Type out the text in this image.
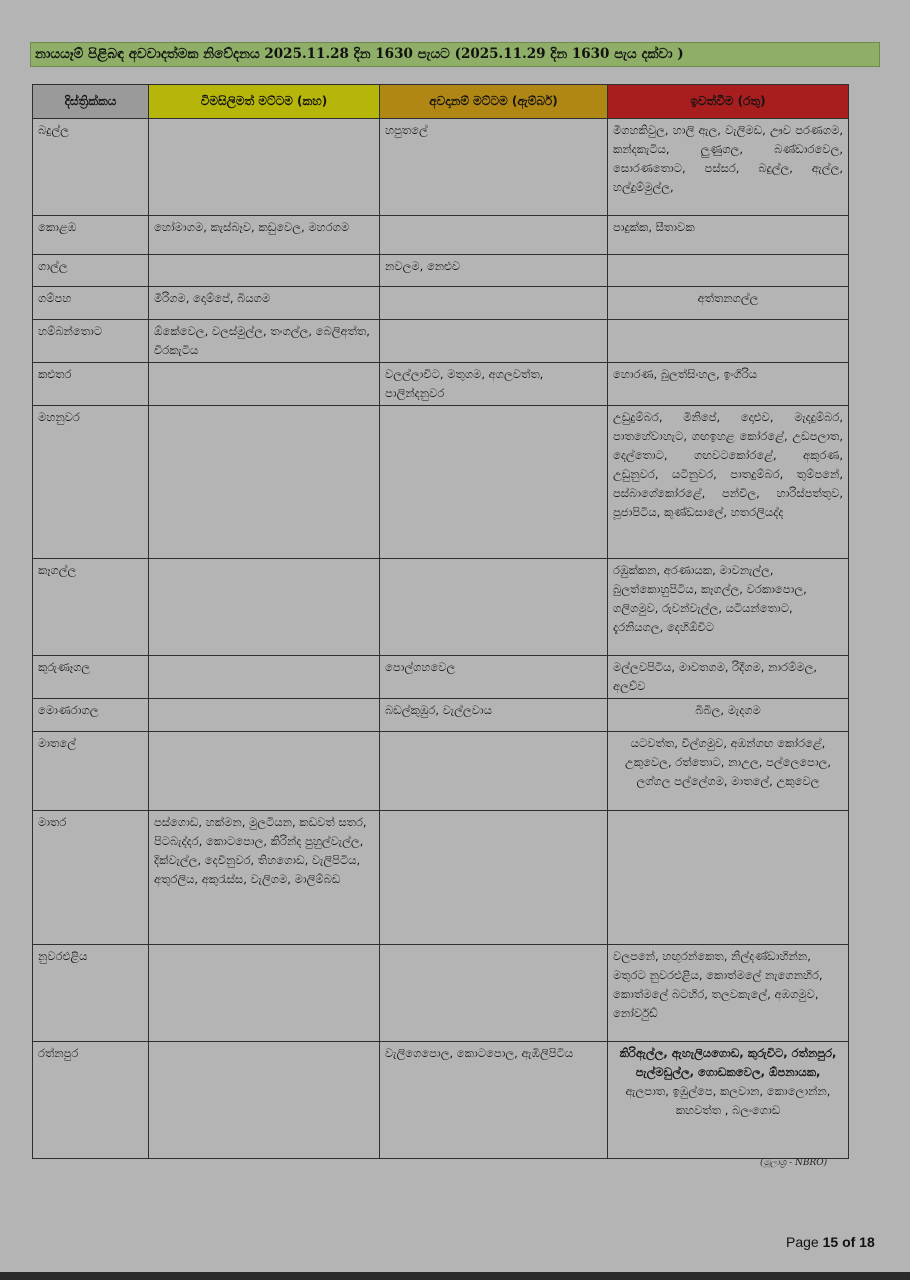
නායයෑම් පිළිබඳ අවවාදත්මක නිවේදනය 2025.11.28 දින 1630 පැයට (2025.11.29 දින 1630 පැය දක්වා )
දිස්ත්‍රික්කය	විමසිලිමත් මට්ටම (කහ)	අවදානම් මට්ටම (ඇම්බර්)	ඉවත්වීම (රතු)
බදුල්ල		හපුතලේ	මීගහකිවුල, හාලි ඇල, වැලිමඩ, ඌව පරණගම, කන්දකැටිය, ලුණුගල, බණ්ඩාරවෙල, සොරණතොට, පස්සර, බදුල්ල, ඇල්ල, හල්දුම්මුල්ල,
කොළඹ	හෝමාගම, කැස්බෑව, කඩුවෙල, මහරගම		පාදුක්ක, සීතාවක
ගාල්ල		නවලම, නෙළුව	
ගම්පහ	මීරිගම, දොම්පේ, බියගම		අත්තනගල්ල
හම්බන්තොට	ඕකේවෙල, වලස්මුල්ල, තංගල්ල, බෙලිඅත්ත, වීරකැටිය		
කළුතර		වලල්ලාවිට, මතුගම, අගලවත්ත, පාලින්දනුවර	හොරණ, බුලත්සිංහල, ඉංගිරිය
මහනුවර			උඩුදුම්බර, මිනිපේ, දොළුව, මැදදුම්බර, පාතහේවාහැට, ගඟඉහළ කෝරළේ, උඩපලාත, දෙල්තොට, ගඟවටකෝරළේ, අකුරණ, උඩුනුවර, යටිනුවර, පාතදුම්බර, තුම්පනේ, පස්බාගේකෝරළේ, පන්විල, හාරිස්පත්තුව, පූජාපිටිය, කුණ්ඩසාලේ, හතරලියද්ද
කෑගල්ල			රඹුක්කන, අරණායක, මාවනැල්ල, බුලත්කොහුපිටිය, කෑගල්ල, වරකාපොල, ගලිගමුව, රුවන්වැල්ල, යටියන්තොට, දැරනියගල, දෙහිඕවිට
කුරුණෑගල		පොල්ගහවෙල	මල්ලවපිටිය, මාවතගම, රිදීගම, නාරම්මල, අලව්ව
මොණරාගල		බඩල්කුඹුර, වැල්ලවාය	බිබිල, මැදගම
මාතලේ			යටවත්ත, විල්ගමුව, අඹන්ගඟ කෝරළේ, උකුවෙල, රත්තොට, නාඋල, පල්ලෙපොල, ලග්ගල පල්ලේගම, මාතලේ, උකුවෙල
මාතර	පස්ගොඩ, හක්මන, මුලටියන, කඩවත් සතර, පිටබැද්දර, කොටපොල, කිරින්ද පුහුල්වැල්ල, දික්වැල්ල, දෙවිනුවර, තිහගොඩ, වැලිපිටිය, අතුරලිය, අකුරැස්ස, වැලිගම, මාලිම්බඩ		
නුවරඑළිය			වලපනේ, හඟුරන්කෙත, නිල්දණ්ඩාහින්න, මතුරට නුවරඑළිය, කොත්මලේ නැගෙනහිර, කොත්මලේ බටහිර, තලවකැලේ, අඹගමුව, නෝර්වුඩ්
රත්නපුර		වැලිගෙපොල, කොටපොල, ඇඹිලිපිටිය	කිරිඇල්ල, ඇහැලියගොඩ, කුරුවිට, රත්නපුර, පැල්මඩුල්ල, ගොඩකවෙල, ඕපනායක,
ඇලපාත, ඉඹුල්පෙ, කලවාන, කොලොන්න, කහවත්ත , බලංගොඩ
(මූලාශ්‍ර - NBRO)
Page 15 of 18
